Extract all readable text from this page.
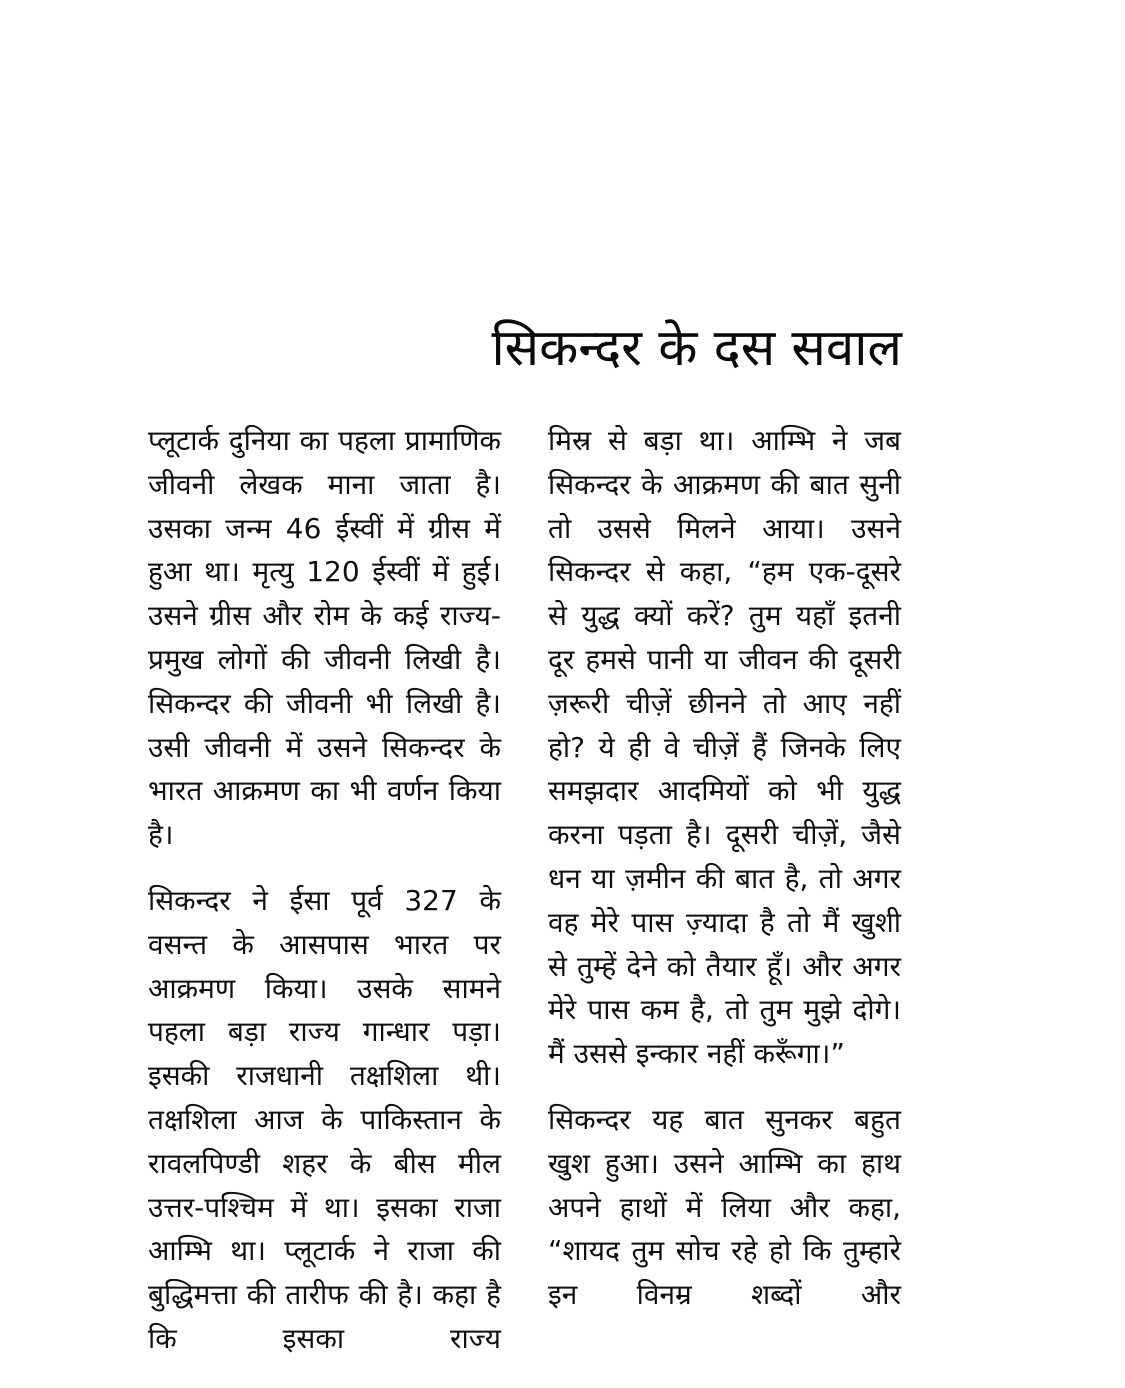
सिकन्दर के दस सवाल

प्लूटार्क दुनिया का पहला प्रामाणिक जीवनी लेखक माना जाता है। उसका जन्म 46 ईस्वीं में ग्रीस में हुआ था। मृत्यु 120 ईस्वीं में हुई। उसने ग्रीस और रोम के कई राज्य-प्रमुख लोगों की जीवनी लिखी है। सिकन्दर की जीवनी भी लिखी है। उसी जीवनी में उसने सिकन्दर के भारत आक्रमण का भी वर्णन किया है।

सिकन्दर ने ईसा पूर्व 327 के वसन्त के आसपास भारत पर आक्रमण किया। उसके सामने पहला बड़ा राज्य गान्धार पड़ा। इसकी राजधानी तक्षशिला थी। तक्षशिला आज के पाकिस्तान के रावलपिण्डी शहर के बीस मील उत्तर-पश्चिम में था। इसका राजा आम्भि था। प्लूटार्क ने राजा की बुद्धिमत्ता की तारीफ की है। कहा है कि इसका राज्य

मिस्र से बड़ा था। आम्भि ने जब सिकन्दर के आक्रमण की बात सुनी तो उससे मिलने आया। उसने सिकन्दर से कहा, “हम एक-दूसरे से युद्ध क्यों करें? तुम यहाँ इतनी दूर हमसे पानी या जीवन की दूसरी ज़रूरी चीज़ें छीनने तो आए नहीं हो? ये ही वे चीज़ें हैं जिनके लिए समझदार आदमियों को भी युद्ध करना पड़ता है। दूसरी चीज़ें, जैसे धन या ज़मीन की बात है, तो अगर वह मेरे पास ज़्यादा है तो मैं खुशी से तुम्हें देने को तैयार हूँ। और अगर मेरे पास कम है, तो तुम मुझे दोगे। मैं उससे इन्कार नहीं करूँगा।”

सिकन्दर यह बात सुनकर बहुत खुश हुआ। उसने आम्भि का हाथ अपने हाथों में लिया और कहा, “शायद तुम सोच रहे हो कि तुम्हारे इन विनम्र शब्दों और
